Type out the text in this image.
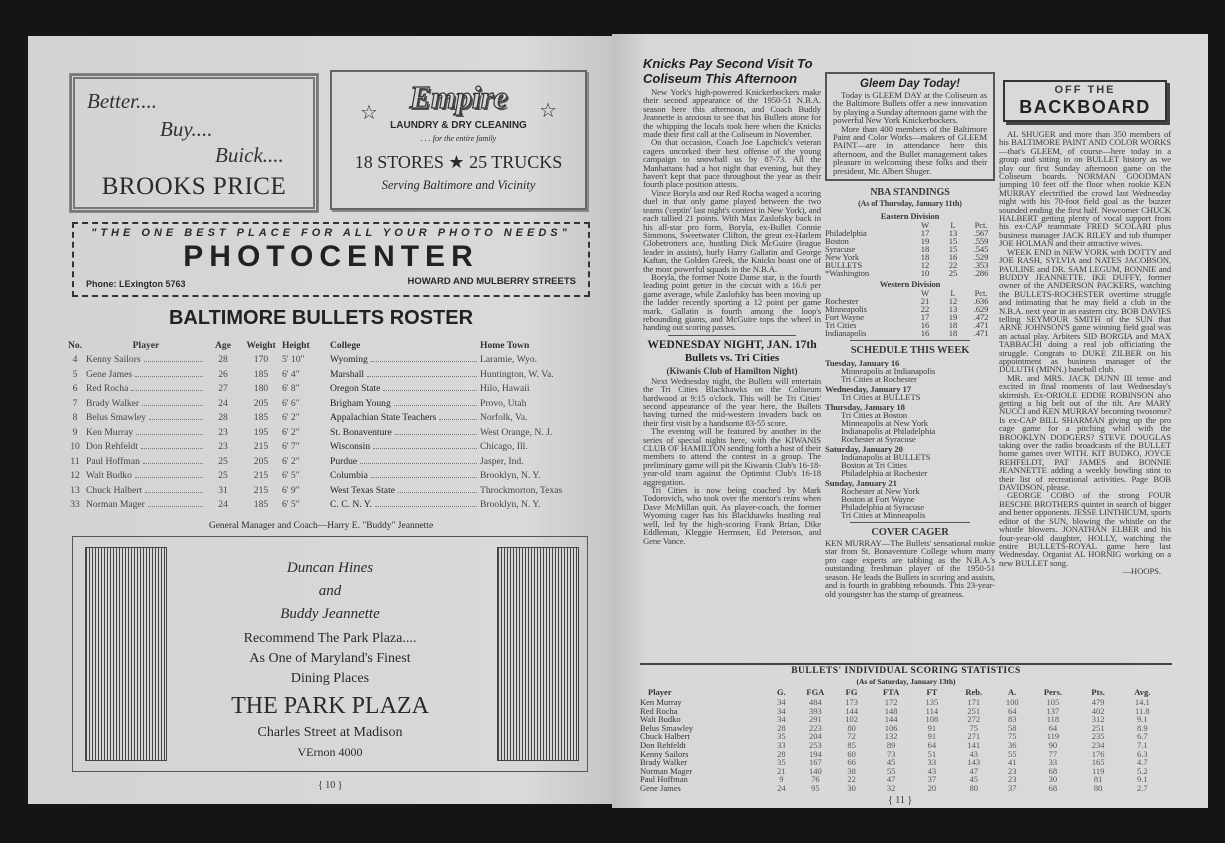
Better....
Buy....
Buick....
BROOKS PRICE
☆	☆
Empire
LAUNDRY & DRY CLEANING
. . . for the entire family
18 STORES ★ 25 TRUCKS
Serving Baltimore and Vicinity
"THE ONE BEST PLACE FOR ALL YOUR PHOTO NEEDS"
PHOTOCENTER
Phone: LExington 5763	HOWARD AND MULBERRY STREETS
BALTIMORE BULLETS ROSTER
No.	Player	Age	Weight	Height	College	Home Town
4	Kenny Sailors	28	170	5' 10"	Wyoming	Laramie, Wyo.
5	Gene James	26	185	6' 4"	Marshall	Huntington, W. Va.
6	Red Rocha	27	180	6' 8"	Oregon State	Hilo, Hawaii
7	Brady Walker	24	205	6' 6"	Brigham Young	Provo, Utah
8	Belus Smawley	28	185	6' 2"	Appalachian State Teachers	Norfolk, Va.
9	Ken Murray	23	195	6' 2"	St. Bonaventure	West Orange, N. J.
10	Don Rehfeldt	23	215	6' 7"	Wisconsin	Chicago, Ill.
11	Paul Hoffman	25	205	6' 2"	Purdue	Jasper, Ind.
12	Walt Budko	25	215	6' 5"	Columbia	Brooklyn, N. Y.
13	Chuck Halbert	31	215	6' 9"	West Texas State	Throckmorton, Texas
33	Norman Mager	24	185	6' 5"	C. C. N. Y.	Brooklyn, N. Y.
General Manager and Coach—Harry E. "Buddy" Jeannette
Duncan Hines
and
Buddy Jeannette
Recommend The Park Plaza....
As One of Maryland's Finest
Dining Places
THE PARK PLAZA
Charles Street at Madison
VErnon 4000
{ 10 }
Knicks Pay Second Visit To Coliseum This Afternoon

New York's high-powered Knickerbockers make their second appearance of the 1950-51 N.B.A. season here this afternoon, and Coach Buddy Jeannette is anxious to see that his Bullets atone for the whipping the locals took here when the Knicks made their first call at the Coliseum in November.

On that occasion, Coach Joe Lapchick's veteran cagers uncorked their best offense of the young campaign to snowball us by 87-73. All the Manhattans had a hot night that evening, but they haven't kept that pace throughout the year as their fourth place position attests.

Vince Boryla and our Red Rocha waged a scoring duel in that only game played between the two teams ('ceptin' last night's contest in New York), and each tallied 21 points. With Max Zaslofsky back in his all-star pro form, Boryla, ex-Bullet Connie Simmons, Sweetwater Clifton, the great ex-Harlem Globetrotters ace, hustling Dick McGuire (league leader in assists), burly Harry Gallatin and George Kaftan, the Golden Greek, the Knicks boast one of the most powerful squads in the N.B.A.

Boryla, the former Notre Dame star, is the fourth leading point getter in the circuit with a 16.6 per game average, while Zaslofsky has been moving up the ladder recently sporting a 12 point per game mark. Gallatin is fourth among the loop's rebounding giants, and McGuire tops the wheel in handing out scoring passes.

WEDNESDAY NIGHT, JAN. 17th
Bullets vs. Tri Cities
(Kiwanis Club of Hamilton Night)

Next Wednesday night, the Bullets will entertain the Tri Cities Blackhawks on the Coliseum hardwood at 9:15 o'clock. This will be Tri Cities' second appearance of the year here, the Bullets having turned the mid-western invaders back on their first visit by a handsome 83-55 score.

The evening will be featured by another in the series of special nights here, with the KIWANIS CLUB OF HAMILTON sending forth a host of their members to attend the contest in a group. The preliminary game will pit the Kiwanis Club's 16-18-year-old team against the Optimist Club's 16-18 aggregation.

Tri Cities is now being coached by Mark Todorovich, who took over the mentor's reins when Dave McMillan quit. As player-coach, the former Wyoming cager has his Blackhawks hustling real well, led by the high-scoring Frank Brian, Dike Eddleman, Kleggie Hermsen, Ed Peterson, and Gene Vance.

Gleem Day Today!

Today is GLEEM DAY at the Coliseum as the Baltimore Bullets offer a new innovation by playing a Sunday afternoon game with the powerful New York Knickerbockers.

More than 400 members of the Baltimore Paint and Color Works—makers of GLEEM PAINT—are in attendance here this afternoon, and the Bullet management takes pleasure in welcoming these folks and their president, Mr. Albert Shuger.

NBA STANDINGS
(As of Thursday, January 11th)
Eastern Division
	W	L	Pct.
Philadelphia	17	13	.567
Boston	19	15	.559
Syracuse	18	15	.545
New York	18	16	.529
BULLETS	12	22	.353
*Washington	10	25	.286
Western Division
	W	L	Pct.
Rochester	21	12	.636
Minneapolis	22	13	.629
Fort Wayne	17	19	.472
Tri Cities	16	18	.471
Indianapolis	16	18	.471
SCHEDULE THIS WEEK
Tuesday, January 16
Minneapolis at Indianapolis
Tri Cities at Rochester
Wednesday, January 17
Tri Cities at BULLETS
Thursday, January 18
Tri Cities at Boston
Minneapolis at New York
Indianapolis at Philadelphia
Rochester at Syracuse
Saturday, January 20
Indianapolis at BULLETS
Boston at Tri Cities
Philadelphia at Rochester
Sunday, January 21
Rochester at New York
Boston at Fort Wayne
Philadelphia at Syracuse
Tri Cities at Minneapolis
COVER CAGER
KEN MURRAY—The Bullets' sensational rookie star from St. Bonaventure College whom many pro cage experts are tabbing as the N.B.A.'s outstanding freshman player of the 1950-51 season. He leads the Bullets in scoring and assists, and is fourth in grabbing rebounds. This 23-year-old youngster has the stamp of greatness.
OFF THE
BACKBOARD

AL SHUGER and more than 350 members of his BALTIMORE PAINT AND COLOR WORKS—that's GLEEM, of course—here today in a group and sitting in on BULLET history as we play our first Sunday afternoon game on the Coliseum boards. NORMAN GOODMAN jumping 10 feet off the floor when rookie KEN MURRAY electrified the crowd last Wednesday night with his 70-foot field goal as the buzzer sounded ending the first half. Newcomer CHUCK HALBERT getting plenty of vocal support from his ex-CAP teammate FRED SCOLARI plus business manager JACK RILEY and tub thumper JOE HOLMAN and their attractive wives.

WEEK END in NEW YORK with DOTTY and JOE RASH, SYLVIA and NATES JACOBSON, PAULINE and DR. SAM LEGUM, BONNIE and BUDDY JEANNETTE. IKE DUFFY, former owner of the ANDERSON PACKERS, watching the BULLETS-ROCHESTER overtime struggle and intimating that he may field a club in the N.B.A. next year in an eastern city. BOB DAVIES telling SEYMOUR SMITH of the SUN that ARNE JOHNSON'S game winning field goal was an actual play. Arbiters SID BORGIA and MAX TABBACHI doing a real job officiating the struggle. Congrats to DUKE ZILBER on his appointment as business manager of the DULUTH (MINN.) baseball club.

MR. and MRS. JACK DUNN III tense and excited in final moments of last Wednesday's skirmish. Ex-ORIOLE EDDIE ROBINSON also getting a big belt out of the tilt. Are MARY NUCCI and KEN MURRAY becoming twosome? Is ex-CAP BILL SHARMAN giving up the pro cage game for a pitching whirl with the BROOKLYN DODGERS? STEVE DOUGLAS taking over the radio broadcasts of the BULLET home games over WITH. KIT BUDKO, JOYCE REHFELDT, PAT JAMES and BONNIE JEANNETTE adding a weekly bowling stint to their list of recreational activities. Page BOB DAVIDSON, please.

GEORGE COBO of the strong FOUR BESCHE BROTHERS quintet in search of bigger and better opponents. JESSE LINTHICUM, sports editor of the SUN, blowing the whistle on the whistle blowers. JONATHAN ELBER and his four-year-old daughter, HOLLY, watching the entire BULLETS-ROYAL game here last Wednesday. Organist AL HORNIG working on a new BULLET song.

—HOOPS.
BULLETS' INDIVIDUAL SCORING STATISTICS
(As of Saturday, January 13th)
Player	G.	FGA	FG	FTA	FT	Reb.	A.	Pers.	Pts.	Avg.
Ken Murray	34	484	173	172	135	171	100	105	479	14.1
Red Rocha	34	393	144	148	114	251	64	137	402	11.8
Walt Budko	34	291	102	144	108	272	83	118	312	9.1
Belus Smawley	28	223	80	106	91	75	58	64	251	8.9
Chuck Halbert	35	204	72	132	91	271	75	119	235	6.7
Don Rehfeldt	33	253	85	89	64	141	36	90	234	7.1
Kenny Sailors	28	194	60	73	51	43	55	77	176	6.3
Brady Walker	35	167	66	45	33	143	41	33	165	4.7
Norman Mager	21	140	38	55	43	47	23	68	119	5.2
Paul Hoffman	9	76	22	47	37	45	23	30	81	9.1
Gene James	24	95	30	32	20	80	37	68	80	2.7
{ 11 }
